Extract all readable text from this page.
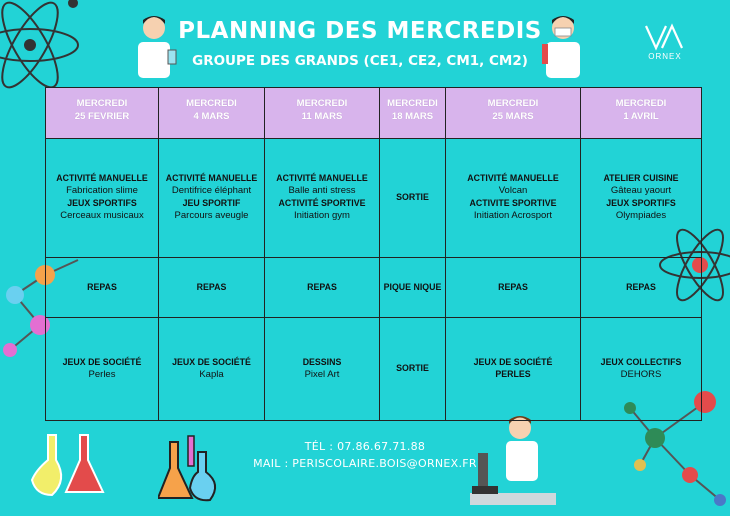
ORNEX
PLANNING DES MERCREDIS
GROUPE DES GRANDS (CE1, CE2, CM1, CM2)
MERCREDI
25 FEVRIER	MERCREDI
4 MARS	MERCREDI
11 MARS	MERCREDI
18 MARS	MERCREDI
25 MARS	MERCREDI
1 AVRIL

ACTIVITÉ MANUELLE
Fabrication slime
JEUX SPORTIFS
Cerceaux musicaux	ACTIVITÉ MANUELLE
Dentifrice éléphant
JEU SPORTIF
Parcours aveugle	ACTIVITÉ MANUELLE
Balle anti stress
ACTIVITÉ SPORTIVE
Initiation gym	SORTIE	ACTIVITÉ MANUELLE
Volcan
ACTIVITE SPORTIVE
Initiation Acrosport	ATELIER CUISINE
Gâteau yaourt
JEUX SPORTIFS
Olympiades

REPAS	REPAS	REPAS	PIQUE NIQUE	REPAS	REPAS

JEUX DE SOCIÉTÉ
Perles	JEUX DE SOCIÉTÉ
Kapla	DESSINS
Pixel Art	SORTIE	JEUX DE SOCIÉTÉ
PERLES	JEUX COLLECTIFS
DEHORS
TÉL : 07.86.67.71.88
MAIL : PERISCOLAIRE.BOIS@ORNEX.FR
